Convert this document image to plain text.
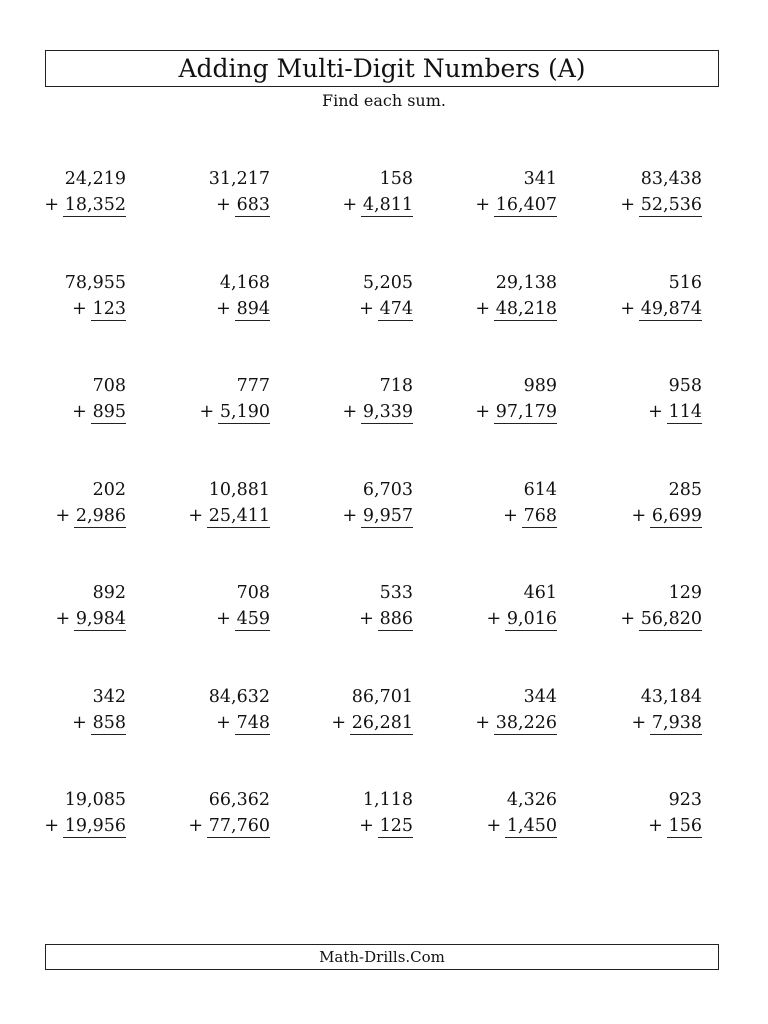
Adding Multi-Digit Numbers (A)
Find each sum.
24,219
+  18,352
31,217
+  683
158
+  4,811
341
+  16,407
83,438
+  52,536
78,955
+  123
4,168
+  894
5,205
+  474
29,138
+  48,218
516
+  49,874
708
+  895
777
+  5,190
718
+  9,339
989
+  97,179
958
+  114
202
+  2,986
10,881
+  25,411
6,703
+  9,957
614
+  768
285
+  6,699
892
+  9,984
708
+  459
533
+  886
461
+  9,016
129
+  56,820
342
+  858
84,632
+  748
86,701
+  26,281
344
+  38,226
43,184
+  7,938
19,085
+  19,956
66,362
+  77,760
1,118
+  125
4,326
+  1,450
923
+  156
Math-Drills.Com
